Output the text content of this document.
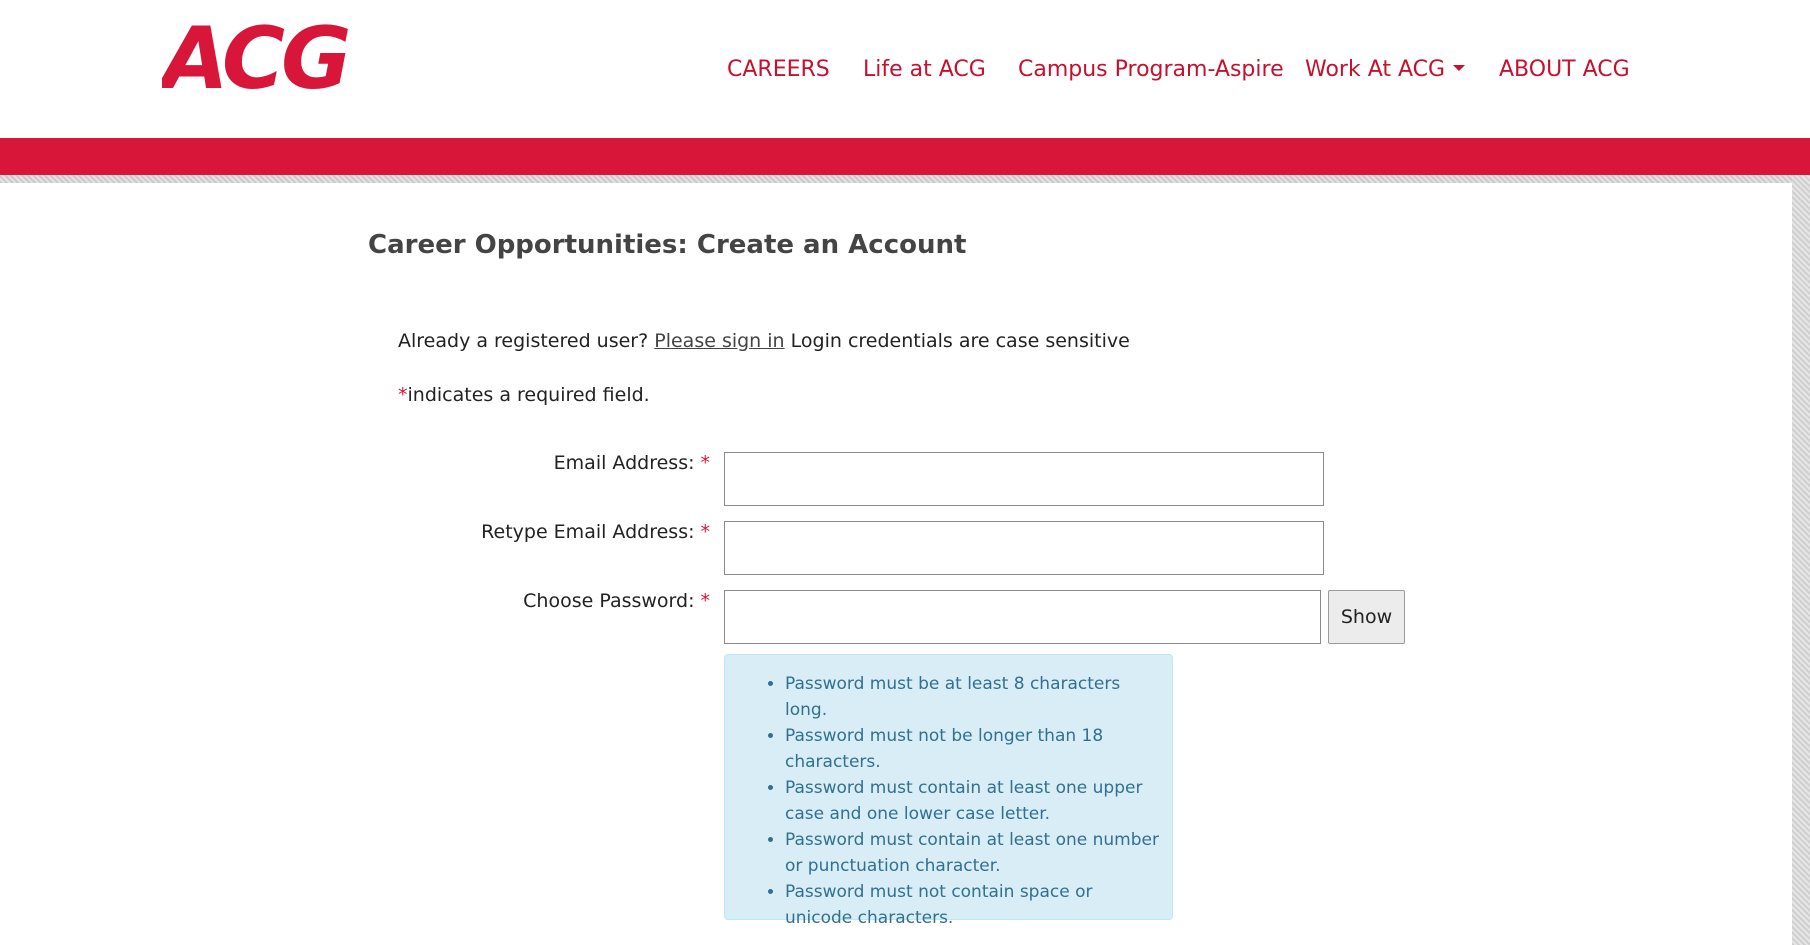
ACG	CAREERS Life at ACG Campus Program-Aspire Work At ACG	ABOUT ACG
Career Opportunities: Create an Account
Already a registered user? Please sign in Login credentials are case sensitive
*indicates a required field.
Email Address: *
Retype Email Address: *
Choose Password: *
Show
• Password must be at least 8 characters long.
• Password must not be longer than 18 characters.
• Password must contain at least one upper case and one lower case letter.
• Password must contain at least one number or punctuation character.
• Password must not contain space or unicode characters.
